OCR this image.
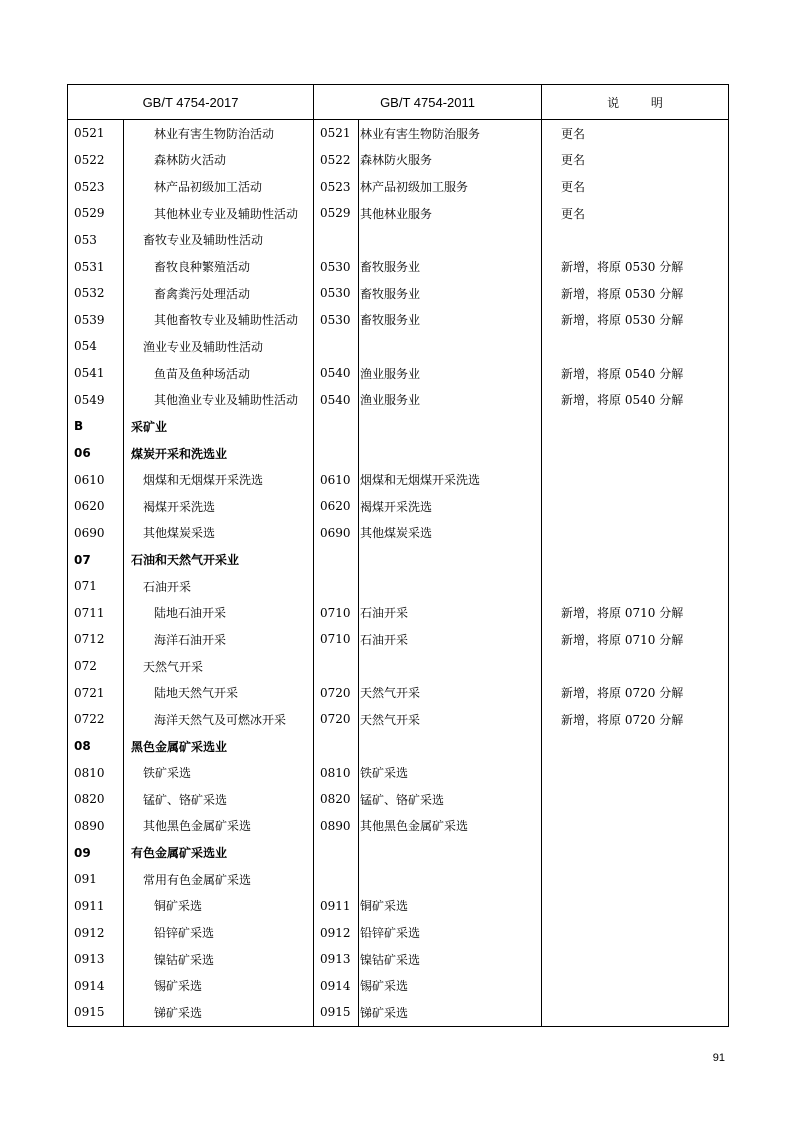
GB/T 4754-2017		GB/T 4754-2011		说 明
0521	林业有害生物防治活动	0521	林业有害生物防治服务	更名
0522	森林防火活动	0522	森林防火服务	更名
0523	林产品初级加工活动	0523	林产品初级加工服务	更名
0529	其他林业专业及辅助性活动	0529	其他林业服务	更名
053	畜牧专业及辅助性活动			
0531	畜牧良种繁殖活动	0530	畜牧服务业	新增，将原 0530 分解
0532	畜禽粪污处理活动	0530	畜牧服务业	新增，将原 0530 分解
0539	其他畜牧专业及辅助性活动	0530	畜牧服务业	新增，将原 0530 分解
054	渔业专业及辅助性活动			
0541	鱼苗及鱼种场活动	0540	渔业服务业	新增，将原 0540 分解
0549	其他渔业专业及辅助性活动	0540	渔业服务业	新增，将原 0540 分解
B	采矿业			
06	煤炭开采和洗选业			
0610	烟煤和无烟煤开采洗选	0610	烟煤和无烟煤开采洗选	
0620	褐煤开采洗选	0620	褐煤开采洗选	
0690	其他煤炭采选	0690	其他煤炭采选	
07	石油和天然气开采业			
071	石油开采			
0711	陆地石油开采	0710	石油开采	新增，将原 0710 分解
0712	海洋石油开采	0710	石油开采	新增，将原 0710 分解
072	天然气开采			
0721	陆地天然气开采	0720	天然气开采	新增，将原 0720 分解
0722	海洋天然气及可燃冰开采	0720	天然气开采	新增，将原 0720 分解
08	黑色金属矿采选业			
0810	铁矿采选	0810	铁矿采选	
0820	锰矿、铬矿采选	0820	锰矿、铬矿采选	
0890	其他黑色金属矿采选	0890	其他黑色金属矿采选	
09	有色金属矿采选业			
091	常用有色金属矿采选			
0911	铜矿采选	0911	铜矿采选	
0912	铅锌矿采选	0912	铅锌矿采选	
0913	镍钴矿采选	0913	镍钴矿采选	
0914	锡矿采选	0914	锡矿采选	
0915	锑矿采选	0915	锑矿采选	
91
